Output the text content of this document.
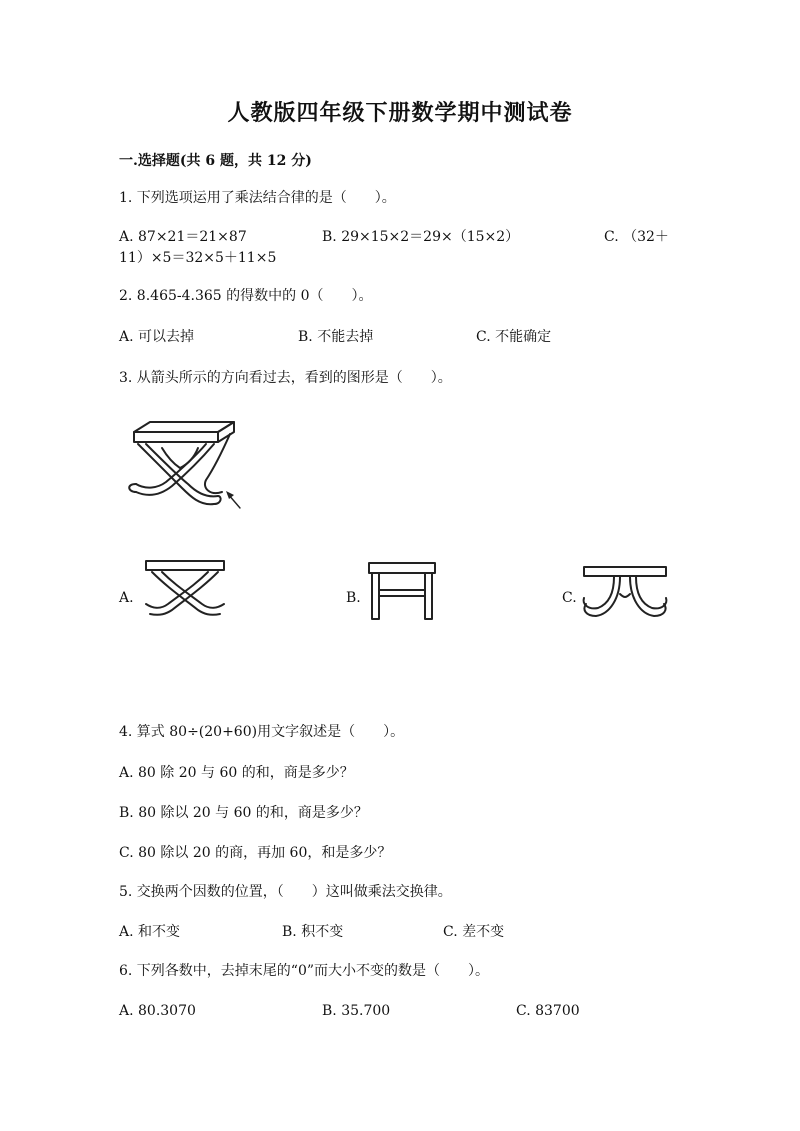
人教版四年级下册数学期中测试卷
一.选择题(共 6 题，共 12 分)
1. 下列选项运用了乘法结合律的是（　　）。
A. 87×21＝21×87	B. 29×15×2＝29×（15×2）	C. （32＋
11）×5＝32×5＋11×5
2. 8.465-4.365 的得数中的 0（　　）。
A. 可以去掉	B. 不能去掉	C. 不能确定
3. 从箭头所示的方向看过去，看到的图形是（　　）。
A.	B.	C.
4. 算式 80÷(20+60)用文字叙述是（　　）。
A. 80 除 20 与 60 的和，商是多少？
B. 80 除以 20 与 60 的和，商是多少？
C. 80 除以 20 的商，再加 60，和是多少？
5. 交换两个因数的位置，（　　）这叫做乘法交换律。
A. 和不变	B. 积不变	C. 差不变
6. 下列各数中，去掉末尾的“0”而大小不变的数是（　　）。
A. 80.3070	B. 35.700	C. 83700
